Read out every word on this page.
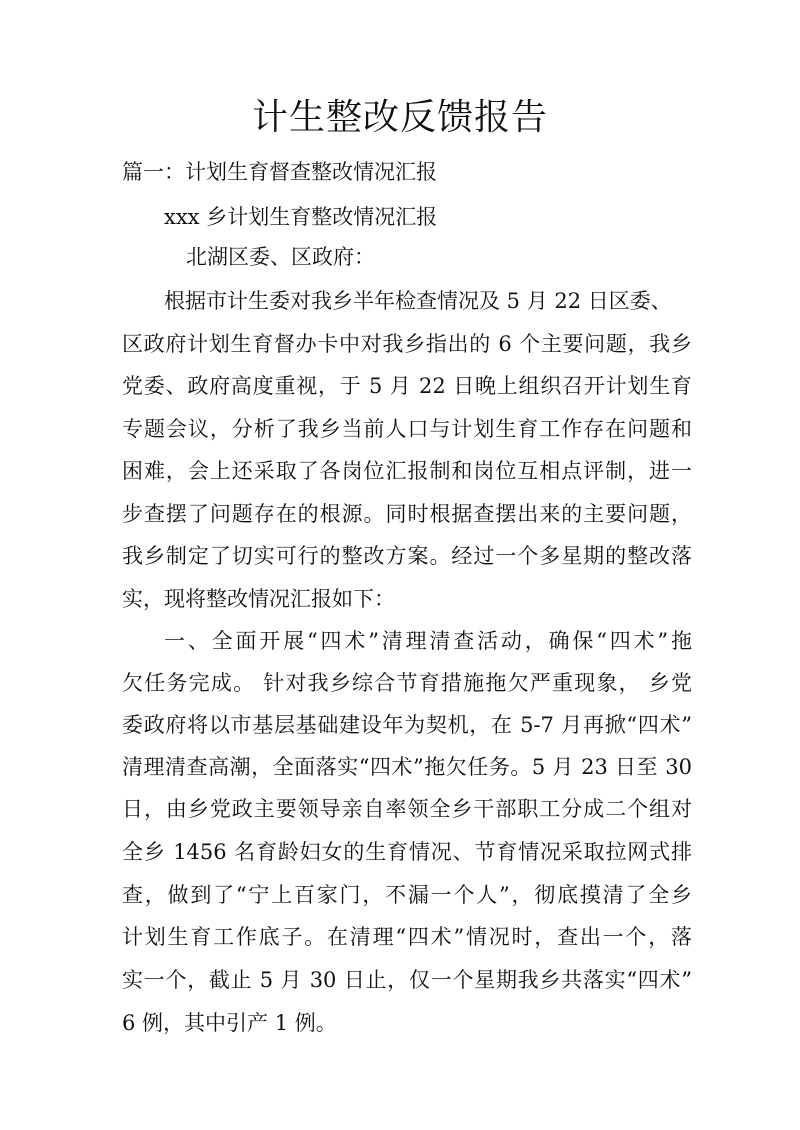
计生整改反馈报告

篇一：计划生育督查整改情况汇报

xxx 乡计划生育整改情况汇报

北湖区委、区政府：

根据市计生委对我乡半年检查情况及 5 月 22 日区委、

区政府计划生育督办卡中对我乡指出的 6 个主要问题，我乡

党委、政府高度重视，于 5 月 22 日晚上组织召开计划生育

专题会议，分析了我乡当前人口与计划生育工作存在问题和

困难，会上还采取了各岗位汇报制和岗位互相点评制，进一

步查摆了问题存在的根源。同时根据查摆出来的主要问题，

我乡制定了切实可行的整改方案。经过一个多星期的整改落

实，现将整改情况汇报如下：

一、全面开展“四术”清理清查活动，确保“四术”拖

欠任务完成。 针对我乡综合节育措施拖欠严重现象， 乡党

委政府将以市基层基础建设年为契机，在 5-7 月再掀“四术”

清理清查高潮，全面落实“四术”拖欠任务。5 月 23 日至 30

日，由乡党政主要领导亲自率领全乡干部职工分成二个组对

全乡 1456 名育龄妇女的生育情况、节育情况采取拉网式排

查，做到了“宁上百家门，不漏一个人”，彻底摸清了全乡

计划生育工作底子。在清理“四术”情况时，查出一个，落

实一个，截止 5 月 30 日止，仅一个星期我乡共落实“四术”

6 例，其中引产 1 例。
